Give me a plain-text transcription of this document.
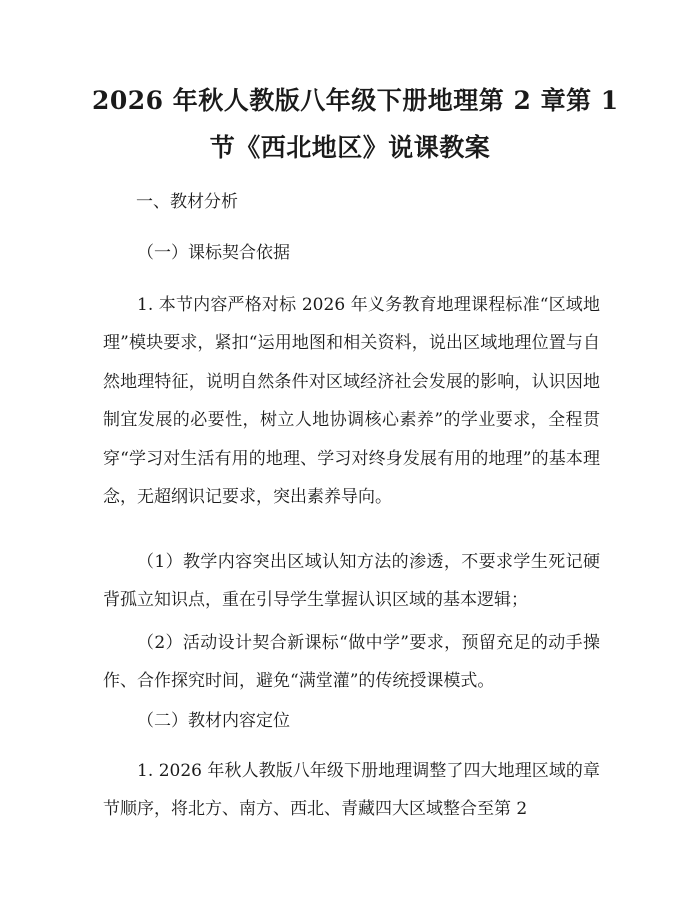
2026 年秋人教版八年级下册地理第 2 章第 1
节《西北地区》说课教案
一、教材分析
（一）课标契合依据
1. 本节内容严格对标 2026 年义务教育地理课程标准“区域地理”模块要求，紧扣“运用地图和相关资料，说出区域地理位置与自然地理特征，说明自然条件对区域经济社会发展的影响，认识因地制宜发展的必要性，树立人地协调核心素养”的学业要求，全程贯穿“学习对生活有用的地理、学习对终身发展有用的地理”的基本理念，无超纲识记要求，突出素养导向。
（1）教学内容突出区域认知方法的渗透，不要求学生死记硬背孤立知识点，重在引导学生掌握认识区域的基本逻辑；
（2）活动设计契合新课标“做中学”要求，预留充足的动手操作、合作探究时间，避免“满堂灌”的传统授课模式。
（二）教材内容定位
1. 2026 年秋人教版八年级下册地理调整了四大地理区域的章节顺序，将北方、南方、西北、青藏四大区域整合至第 2
